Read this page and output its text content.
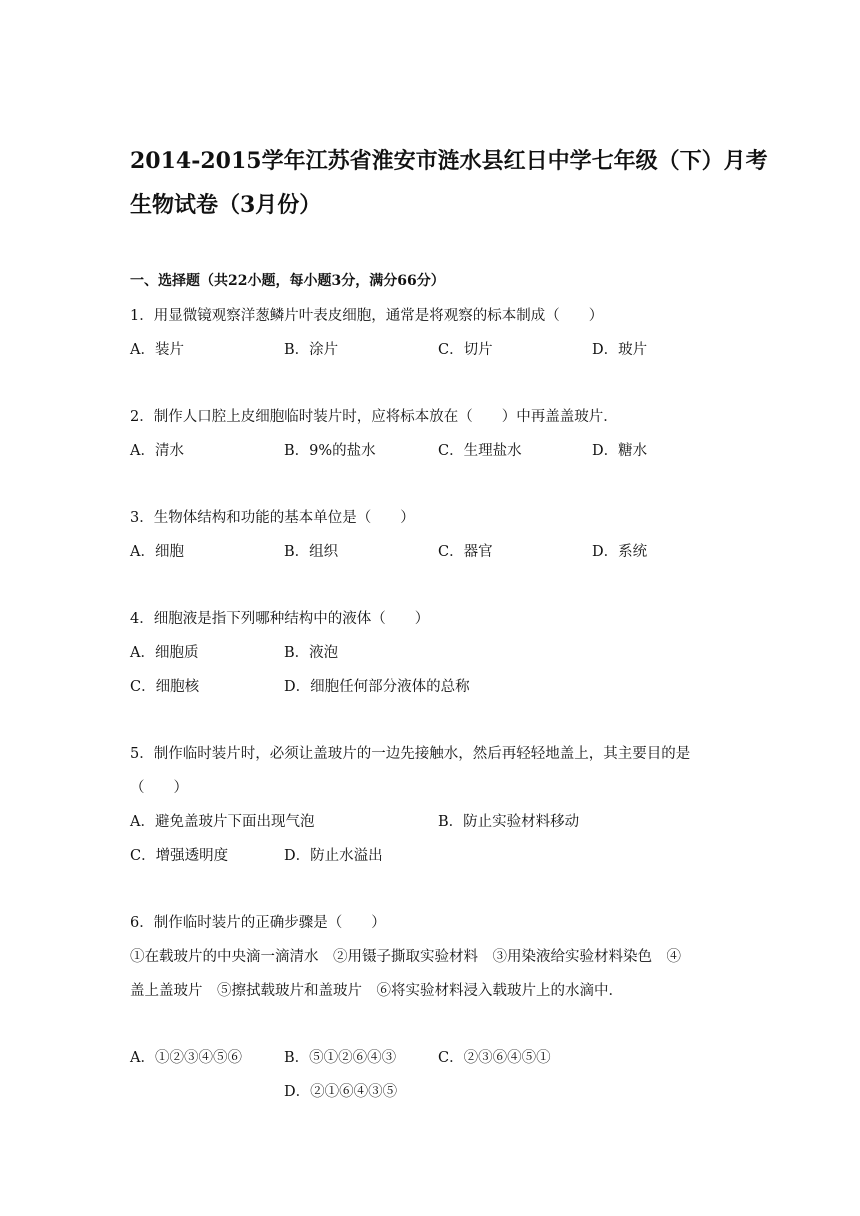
2014-2015学年江苏省淮安市涟水县红日中学七年级（下）月考
生物试卷（3月份）
一、选择题（共22小题，每小题3分，满分66分）
1．用显微镜观察洋葱鳞片叶表皮细胞，通常是将观察的标本制成（　　）
A．装片	B．涂片	C．切片	D．玻片
2．制作人口腔上皮细胞临时装片时，应将标本放在（　　）中再盖盖玻片．
A．清水	B．9%的盐水	C．生理盐水	D．糖水
3．生物体结构和功能的基本单位是（　　）
A．细胞	B．组织	C．器官	D．系统
4．细胞液是指下列哪种结构中的液体（　　）
A．细胞质	B．液泡
C．细胞核	D．细胞任何部分液体的总称
5．制作临时装片时，必须让盖玻片的一边先接触水，然后再轻轻地盖上，其主要目的是
（　　）
A．避免盖玻片下面出现气泡	B．防止实验材料移动
C．增强透明度	D．防止水溢出
6．制作临时装片的正确步骤是（　　）
①在载玻片的中央滴一滴清水　②用镊子撕取实验材料　③用染液给实验材料染色　④
盖上盖玻片　⑤擦拭载玻片和盖玻片　⑥将实验材料浸入载玻片上的水滴中．
A．①②③④⑤⑥	B．⑤①②⑥④③	C．②③⑥④⑤①
D．②①⑥④③⑤
